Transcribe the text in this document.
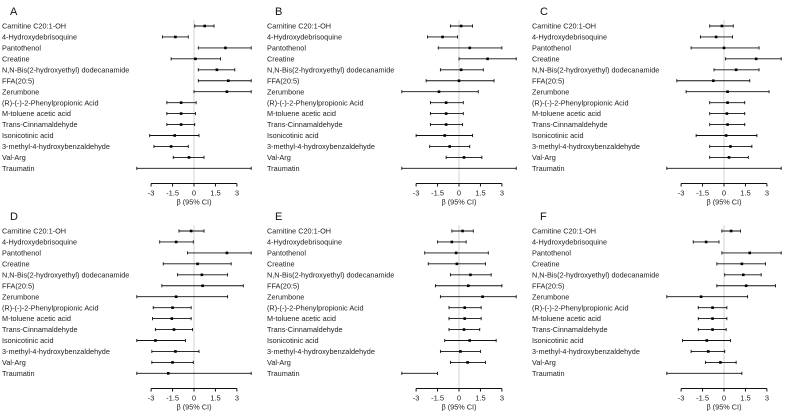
A
Carnitine C20:1-OH
4-Hydroxydebrisoquine
Pantothenol
Creatine
N,N-Bis(2-hydroxyethyl) dodecanamide
FFA(20:5)
Zerumbone
(R)-(-)-2-Phenylpropionic Acid
M-toluene acetic acid
Trans-Cinnamaldehyde
Isonicotinic acid
3-methyl-4-hydroxybenzaldehyde
Val-Arg
Traumatin
-3 -1.5 0 1.5 3
β (95% CI)
B
Carnitine C20:1-OH
4-Hydroxydebrisoquine
Pantothenol
Creatine
N,N-Bis(2-hydroxyethyl) dodecanamide
FFA(20:5)
Zerumbone
(R)-(-)-2-Phenylpropionic Acid
M-toluene acetic acid
Trans-Cinnamaldehyde
Isonicotinic acid
3-methyl-4-hydroxybenzaldehyde
Val-Arg
Traumatin
-3 -1.5 0 1.5 3
β (95% CI)
C
Carnitine C20:1-OH
4-Hydroxydebrisoquine
Pantothenol
Creatine
N,N-Bis(2-hydroxyethyl) dodecanamide
FFA(20:5)
Zerumbone
(R)-(-)-2-Phenylpropionic Acid
M-toluene acetic acid
Trans-Cinnamaldehyde
Isonicotinic acid
3-methyl-4-hydroxybenzaldehyde
Val-Arg
Traumatin
-3 -1.5 0 1.5 3
β (95% CI)
D
Carnitine C20:1-OH
4-Hydroxydebrisoquine
Pantothenol
Creatine
N,N-Bis(2-hydroxyethyl) dodecanamide
FFA(20:5)
Zerumbone
(R)-(-)-2-Phenylpropionic Acid
M-toluene acetic acid
Trans-Cinnamaldehyde
Isonicotinic acid
3-methyl-4-hydroxybenzaldehyde
Val-Arg
Traumatin
-3 -1.5 0 1.5 3
β (95% CI)
E
Carnitine C20:1-OH
4-Hydroxydebrisoquine
Pantothenol
Creatine
N,N-Bis(2-hydroxyethyl) dodecanamide
FFA(20:5)
Zerumbone
(R)-(-)-2-Phenylpropionic Acid
M-toluene acetic acid
Trans-Cinnamaldehyde
Isonicotinic acid
3-methyl-4-hydroxybenzaldehyde
Val-Arg
Traumatin
-3 -1.5 0 1.5 3
β (95% CI)
F
Carnitine C20:1-OH
4-Hydroxydebrisoquine
Pantothenol
Creatine
N,N-Bis(2-hydroxyethyl) dodecanamide
FFA(20:5)
Zerumbone
(R)-(-)-2-Phenylpropionic Acid
M-toluene acetic acid
Trans-Cinnamaldehyde
Isonicotinic acid
3-methyl-4-hydroxybenzaldehyde
Val-Arg
Traumatin
-3 -1.5 0 1.5 3
β (95% CI)
